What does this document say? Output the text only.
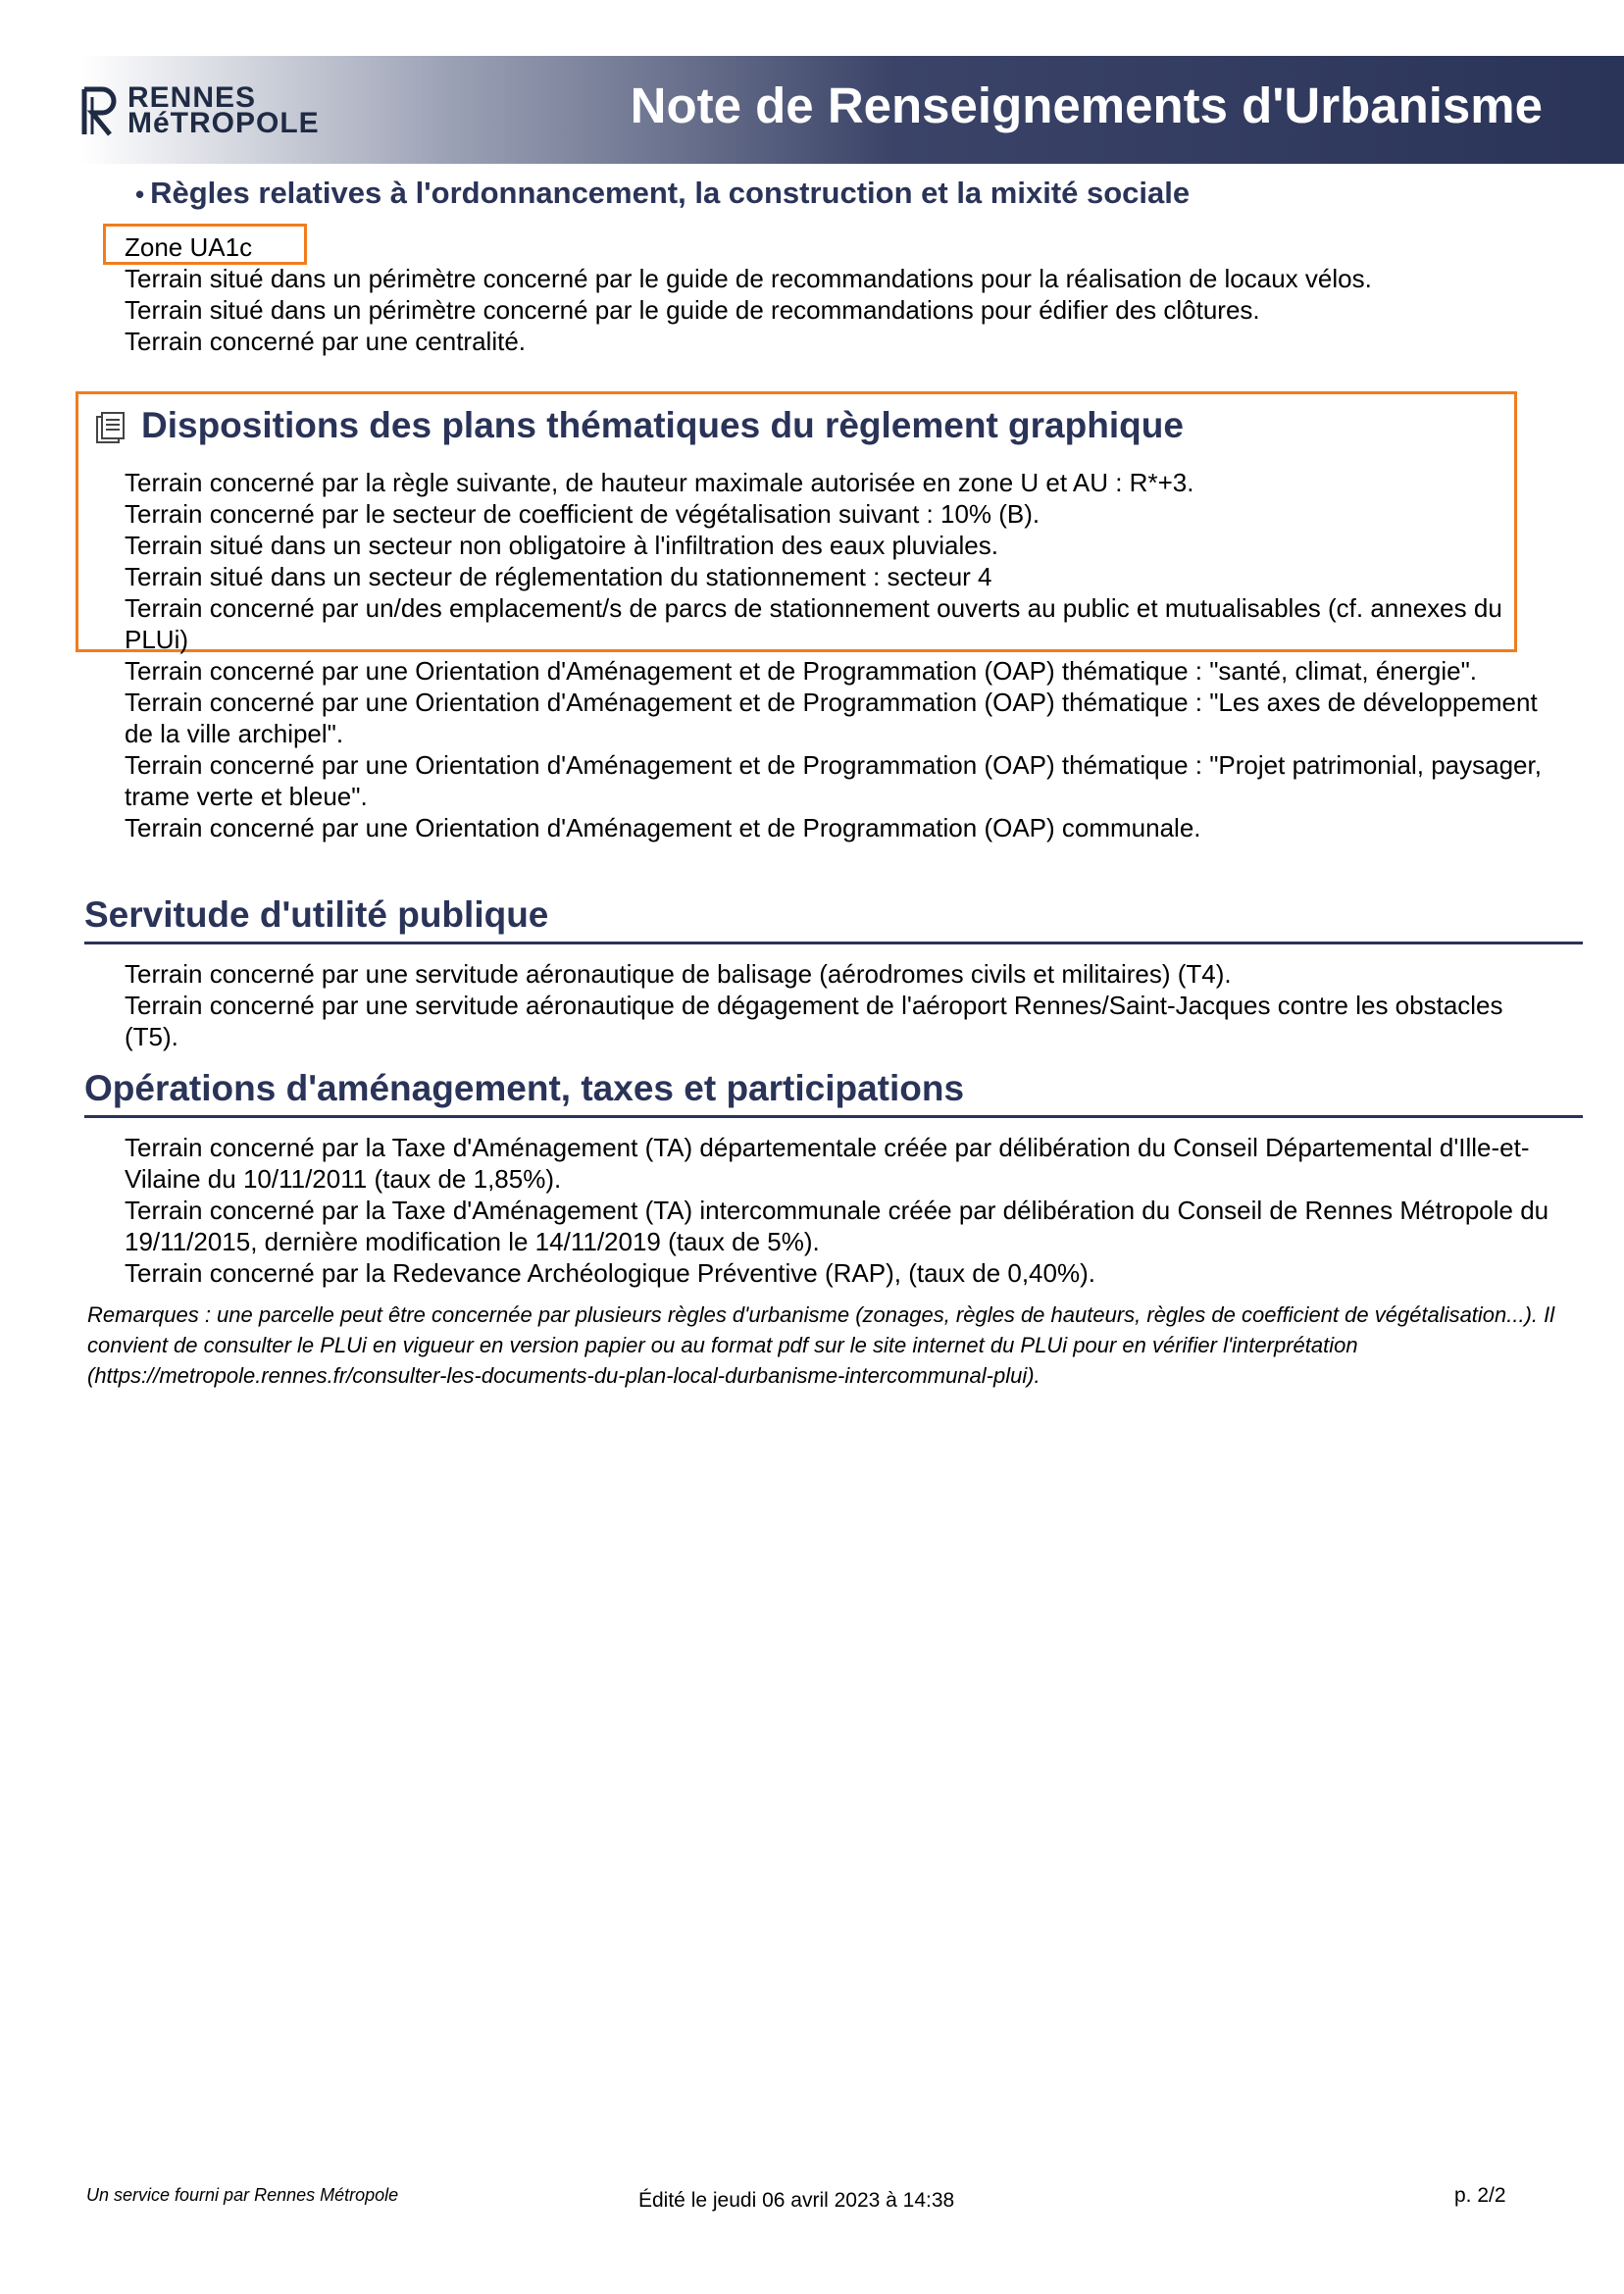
RENNES
MéTROPOLE	Note de Renseignements d'Urbanisme
• Règles relatives à l'ordonnancement, la construction et la mixité sociale
Zone UA1c
Terrain situé dans un périmètre concerné par le guide de recommandations pour la réalisation de locaux vélos.
Terrain situé dans un périmètre concerné par le guide de recommandations pour édifier des clôtures.
Terrain concerné par une centralité.
Dispositions des plans thématiques du règlement graphique
Terrain concerné par la règle suivante, de hauteur maximale autorisée en zone U et AU : R*+3.
Terrain concerné par le secteur de coefficient de végétalisation suivant : 10% (B).
Terrain situé dans un secteur non obligatoire à l'infiltration des eaux pluviales.
Terrain situé dans un secteur de réglementation du stationnement : secteur 4
Terrain concerné par un/des emplacement/s de parcs de stationnement ouverts au public et mutualisables (cf. annexes du PLUi)
Terrain concerné par une Orientation d'Aménagement et de Programmation (OAP) thématique : "santé, climat, énergie".
Terrain concerné par une Orientation d'Aménagement et de Programmation (OAP) thématique : "Les axes de développement de la ville archipel".
Terrain concerné par une Orientation d'Aménagement et de Programmation (OAP) thématique : "Projet patrimonial, paysager, trame verte et bleue".
Terrain concerné par une Orientation d'Aménagement et de Programmation (OAP) communale.
Servitude d'utilité publique
Terrain concerné par une servitude aéronautique de balisage (aérodromes civils et militaires) (T4).
Terrain concerné par une servitude aéronautique de dégagement de l'aéroport Rennes/Saint-Jacques contre les obstacles (T5).
Opérations d'aménagement, taxes et participations
Terrain concerné par la Taxe d'Aménagement (TA) départementale créée par délibération du Conseil Départemental d'Ille-et-Vilaine du 10/11/2011 (taux de 1,85%).
Terrain concerné par la Taxe d'Aménagement (TA) intercommunale créée par délibération du Conseil de Rennes Métropole du 19/11/2015, dernière modification le 14/11/2019 (taux de 5%).
Terrain concerné par la Redevance Archéologique Préventive (RAP), (taux de 0,40%).
Remarques : une parcelle peut être concernée par plusieurs règles d'urbanisme (zonages, règles de hauteurs, règles de coefficient de végétalisation...). Il convient de consulter le PLUi en vigueur en version papier ou au format pdf sur le site internet du PLUi pour en vérifier l'interprétation (https://metropole.rennes.fr/consulter-les-documents-du-plan-local-durbanisme-intercommunal-plui).
Un service fourni par Rennes Métropole	Édité le jeudi 06 avril 2023 à 14:38	p. 2/2
